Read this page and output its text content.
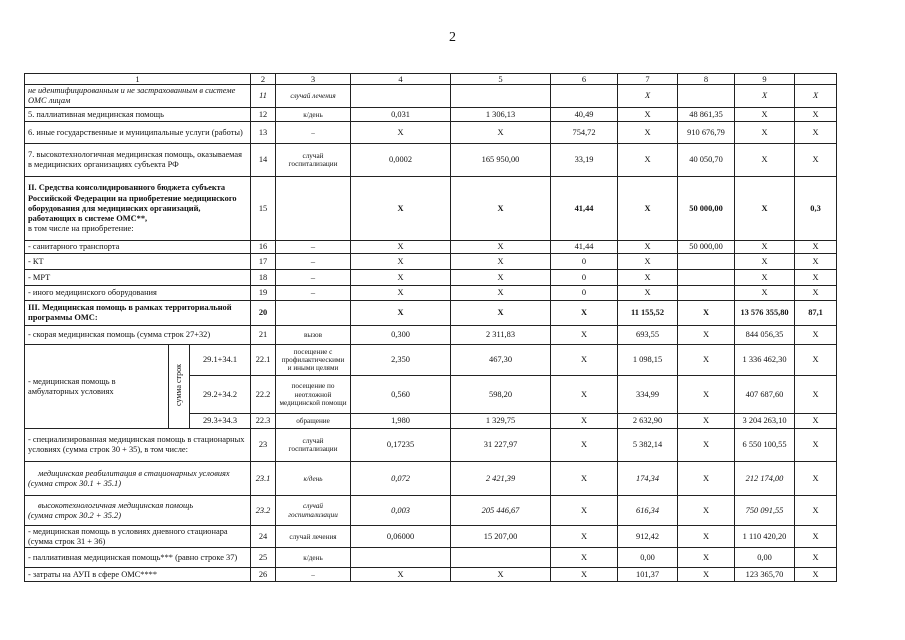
2
1			2	3	4	5	6	7	8	9	
не идентифицированным и не застрахованным в системе ОМС лицам			11	случай лечения				Х		Х	Х
5. паллиативная медицинская помощь			12	к/день	0,031	1 306,13	40,49	Х	48 861,35	Х	Х
6. иные государственные и муниципальные услуги (работы)			13	–	Х	Х	754,72	Х	910 676,79	Х	Х
7. высокотехнологичная медицинская помощь, оказываемая в медицинских организациях субъекта РФ			14	случай госпитализации	0,0002	165 950,00	33,19	Х	40 050,70	Х	Х
II. Средства консолидированного бюджета субъекта Российской Федерации на приобретение медицинского оборудования для медицинских организаций, работающих в системе ОМС**,
в том числе на приобретение:			15		Х	Х	41,44	Х	50 000,00	Х	0,3
- санитарного транспорта			16	–	Х	Х	41,44	Х	50 000,00	Х	Х
- КТ			17	–	Х	Х	0	Х		Х	Х
- МРТ			18	–	Х	Х	0	Х		Х	Х
- иного медицинского оборудования			19	–	Х	Х	0	Х		Х	Х
III. Медицинская помощь в рамках территориальной программы ОМС:			20		Х	Х	Х	11 155,52	Х	13 576 355,80	87,1
- скорая медицинская помощь (сумма строк 27+32)			21	вызов	0,300	2 311,83	Х	693,55	Х	844 056,35	Х
- медицинская помощь в амбулаторных условиях	сумма строк	29.1+34.1	22.1	посещение с профилактическими и иными целями	2,350	467,30	Х	1 098,15	Х	1 336 462,30	Х
		29.2+34.2	22.2	посещение по неотложной медицинской помощи	0,560	598,20	Х	334,99	Х	407 687,60	Х
		29.3+34.3	22.3	обращение	1,980	1 329,75	Х	2 632,90	Х	3 204 263,10	Х
- специализированная медицинская помощь в стационарных условиях (сумма строк 30 + 35), в том числе:			23	случай госпитализации	0,17235	31 227,97	Х	5 382,14	Х	6 550 100,55	Х
медицинская реабилитация в стационарных условиях
(сумма строк 30.1 + 35.1)			23.1	к/день	0,072	2 421,39	Х	174,34	Х	212 174,00	Х
высокотехнологичная медицинская помощь
(сумма строк 30.2 + 35.2)			23.2	случай госпитализации	0,003	205 446,67	Х	616,34	Х	750 091,55	Х
- медицинская помощь в условиях дневного стационара (сумма строк 31 + 36)			24	случай лечения	0,06000	15 207,00	Х	912,42	Х	1 110 420,20	Х
- паллиативная медицинская помощь*** (равно строке 37)			25	к/день			Х	0,00	Х	0,00	Х
- затраты на АУП в сфере ОМС****			26	–	Х	Х	Х	101,37	Х	123 365,70	Х
